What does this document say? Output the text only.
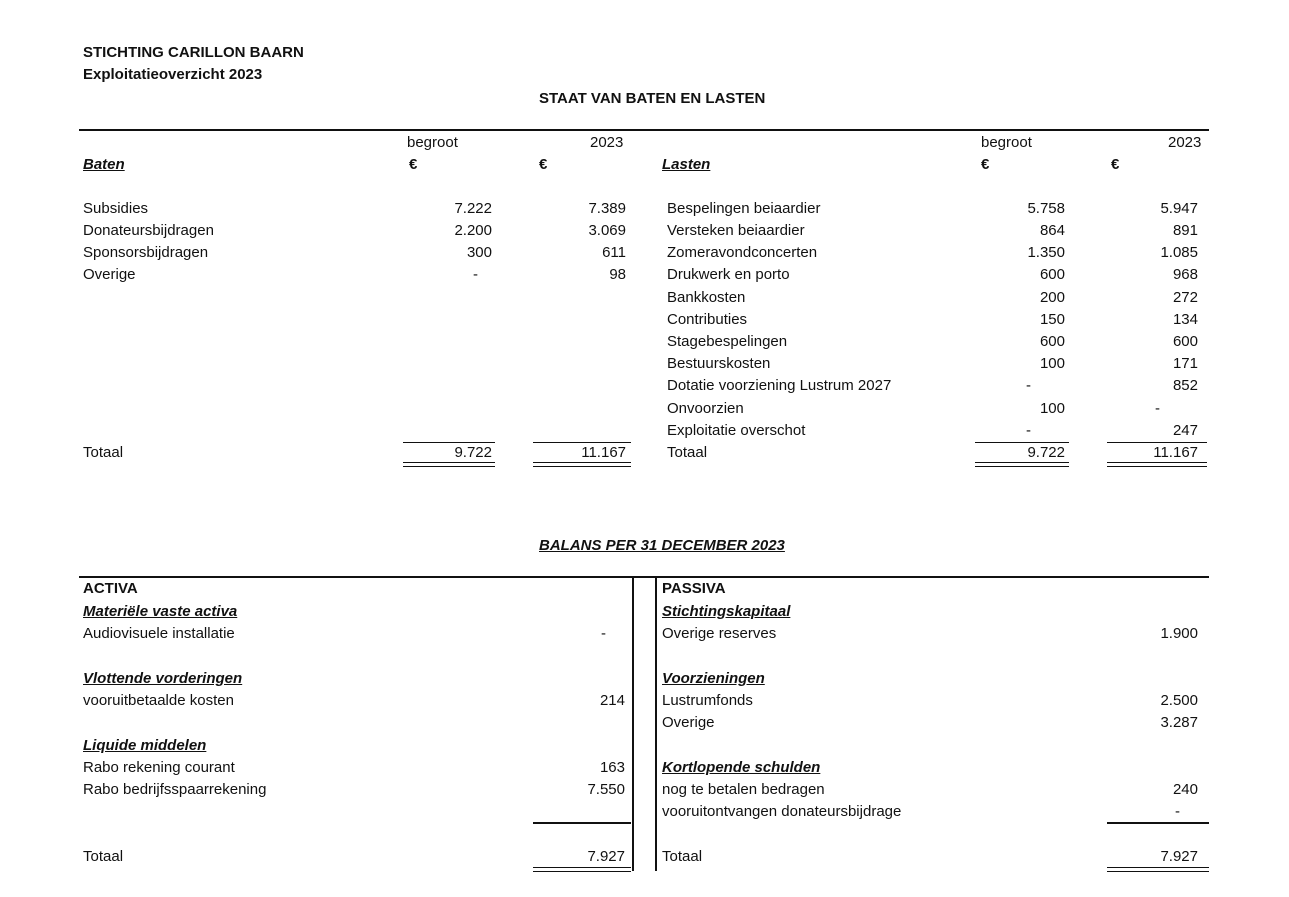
STICHTING CARILLON BAARN
Exploitatieoverzicht 2023
STAAT VAN BATEN EN LASTEN
begroot	2023
Baten	€	€
begroot	2023
Lasten	€	€
Subsidies	7.222	7.389
Donateursbijdragen	2.200	3.069
Sponsorsbijdragen	300	611
Overige	-	98
Bespelingen beiaardier	5.758	5.947
Versteken beiaardier	864	891
Zomeravondconcerten	1.350	1.085
Drukwerk en porto	600	968
Bankkosten	200	272
Contributies	150	134
Stagebespelingen	600	600
Bestuurskosten	100	171
Dotatie voorziening Lustrum 2027	-	852
Onvoorzien	100	-
Exploitatie overschot	-	247
Totaal	9.722	11.167	Totaal	9.722	11.167
BALANS PER 31 DECEMBER 2023
ACTIVA
Materiële vaste activa
Audiovisuele installatie	-
Vlottende vorderingen
vooruitbetaalde kosten	214
Liquide middelen
Rabo rekening courant	163
Rabo bedrijfsspaarrekening	7.550
Totaal	7.927
PASSIVA
Stichtingskapitaal
Overige reserves	1.900
Voorzieningen
Lustrumfonds	2.500
Overige	3.287
Kortlopende schulden
nog te betalen bedragen	240
vooruitontvangen donateursbijdrage	-
Totaal	7.927
